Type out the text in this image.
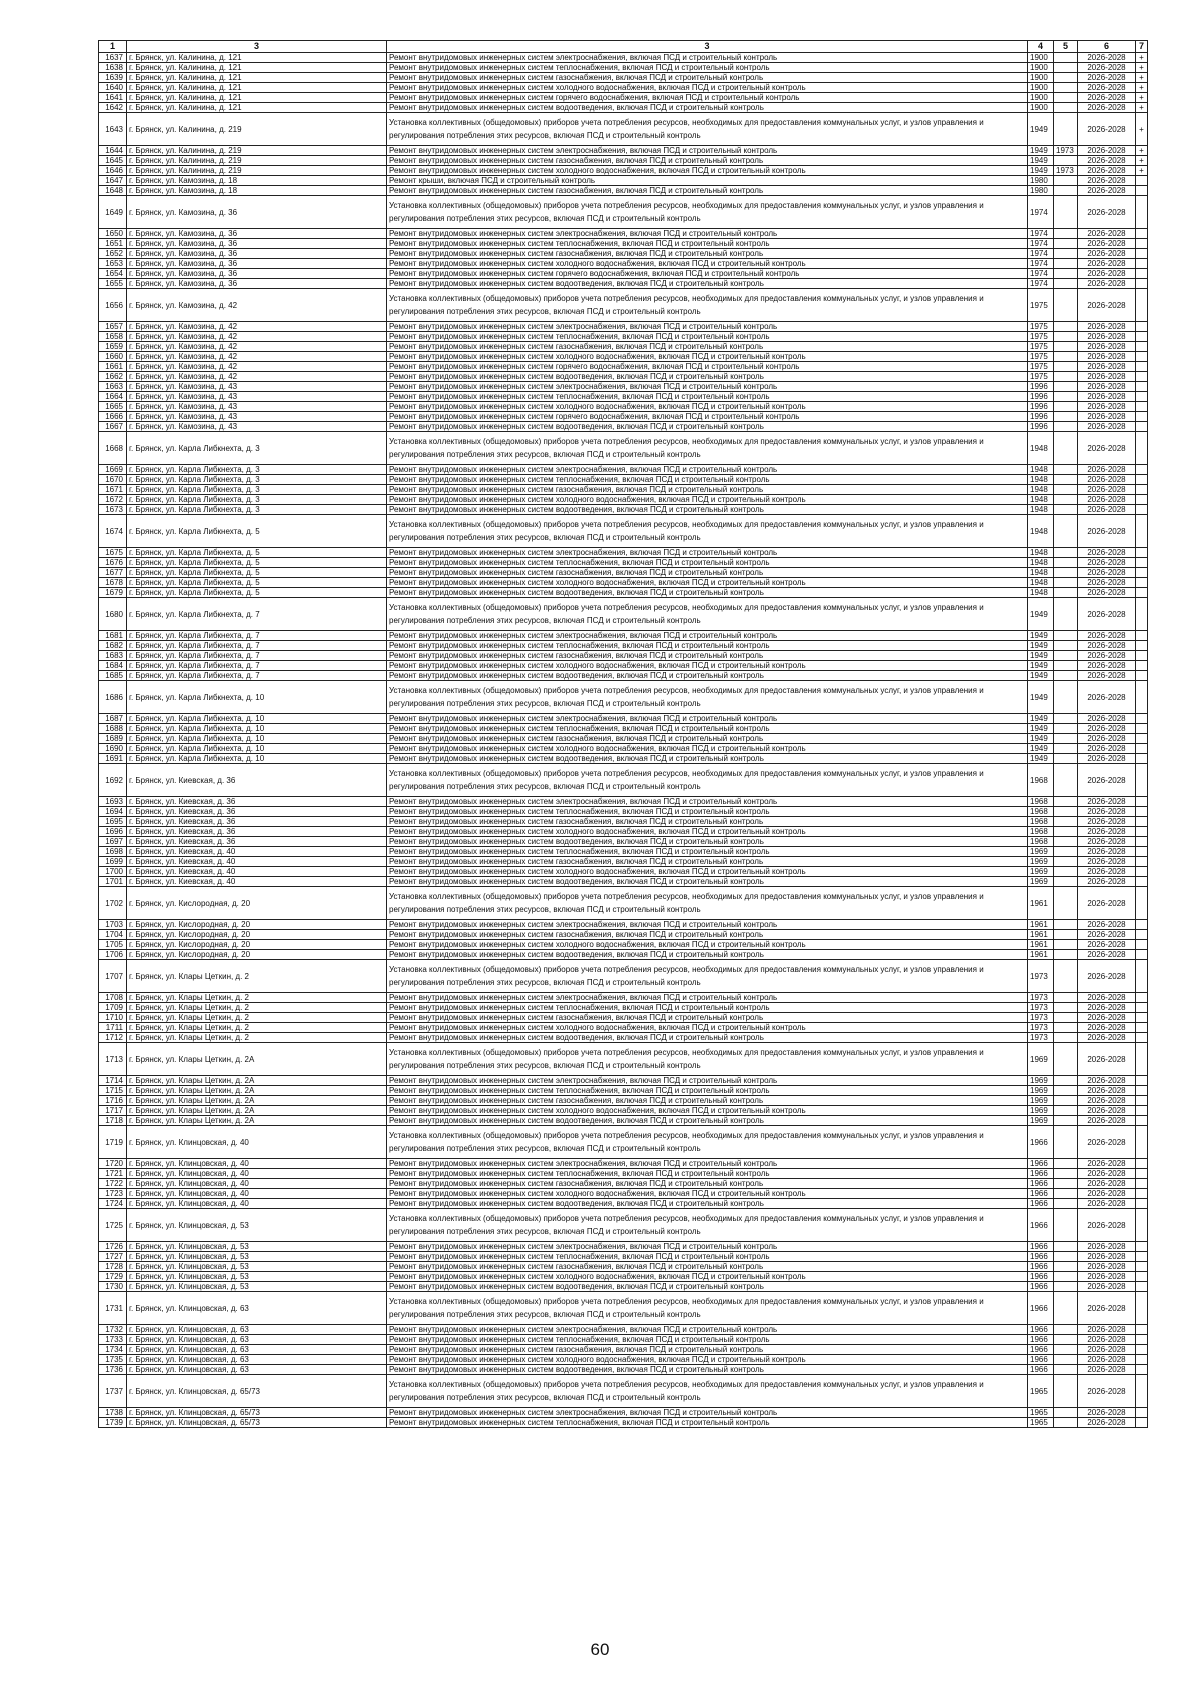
1	3	3	4	5	6	7
1637	г. Брянск, ул. Калинина, д. 121	Ремонт внутридомовых инженерных систем электроснабжения, включая ПСД и строительный контроль	1900		2026-2028	+
1638	г. Брянск, ул. Калинина, д. 121	Ремонт внутридомовых инженерных систем теплоснабжения, включая ПСД и строительный контроль	1900		2026-2028	+
1639	г. Брянск, ул. Калинина, д. 121	Ремонт внутридомовых инженерных систем газоснабжения, включая ПСД и строительный контроль	1900		2026-2028	+
1640	г. Брянск, ул. Калинина, д. 121	Ремонт внутридомовых инженерных систем холодного водоснабжения, включая ПСД и строительный контроль	1900		2026-2028	+
1641	г. Брянск, ул. Калинина, д. 121	Ремонт внутридомовых инженерных систем горячего водоснабжения, включая ПСД и строительный контроль	1900		2026-2028	+
1642	г. Брянск, ул. Калинина, д. 121	Ремонт внутридомовых инженерных систем водоотведения, включая ПСД и строительный контроль	1900		2026-2028	+
1643	г. Брянск, ул. Калинина, д. 219	Установка коллективных (общедомовых) приборов учета потребления ресурсов, необходимых для предоставления коммунальных услуг, и узлов управления и регулирования потребления этих ресурсов, включая ПСД и строительный контроль	1949		2026-2028	+
1644	г. Брянск, ул. Калинина, д. 219	Ремонт внутридомовых инженерных систем электроснабжения, включая ПСД и строительный контроль	1949	1973	2026-2028	+
1645	г. Брянск, ул. Калинина, д. 219	Ремонт внутридомовых инженерных систем газоснабжения, включая ПСД и строительный контроль	1949		2026-2028	+
1646	г. Брянск, ул. Калинина, д. 219	Ремонт внутридомовых инженерных систем холодного водоснабжения, включая ПСД и строительный контроль	1949	1973	2026-2028	+
1647	г. Брянск, ул. Камозина, д. 18	Ремонт крыши, включая ПСД и строительный контроль	1980		2026-2028	
1648	г. Брянск, ул. Камозина, д. 18	Ремонт внутридомовых инженерных систем газоснабжения, включая ПСД и строительный контроль	1980		2026-2028	
1649	г. Брянск, ул. Камозина, д. 36	Установка коллективных (общедомовых) приборов учета потребления ресурсов, необходимых для предоставления коммунальных услуг, и узлов управления и регулирования потребления этих ресурсов, включая ПСД и строительный контроль	1974		2026-2028	
1650	г. Брянск, ул. Камозина, д. 36	Ремонт внутридомовых инженерных систем электроснабжения, включая ПСД и строительный контроль	1974		2026-2028	
1651	г. Брянск, ул. Камозина, д. 36	Ремонт внутридомовых инженерных систем теплоснабжения, включая ПСД и строительный контроль	1974		2026-2028	
1652	г. Брянск, ул. Камозина, д. 36	Ремонт внутридомовых инженерных систем газоснабжения, включая ПСД и строительный контроль	1974		2026-2028	
1653	г. Брянск, ул. Камозина, д. 36	Ремонт внутридомовых инженерных систем холодного водоснабжения, включая ПСД и строительный контроль	1974		2026-2028	
1654	г. Брянск, ул. Камозина, д. 36	Ремонт внутридомовых инженерных систем горячего водоснабжения, включая ПСД и строительный контроль	1974		2026-2028	
1655	г. Брянск, ул. Камозина, д. 36	Ремонт внутридомовых инженерных систем водоотведения, включая ПСД и строительный контроль	1974		2026-2028	
1656	г. Брянск, ул. Камозина, д. 42	Установка коллективных (общедомовых) приборов учета потребления ресурсов, необходимых для предоставления коммунальных услуг, и узлов управления и регулирования потребления этих ресурсов, включая ПСД и строительный контроль	1975		2026-2028	
1657	г. Брянск, ул. Камозина, д. 42	Ремонт внутридомовых инженерных систем электроснабжения, включая ПСД и строительный контроль	1975		2026-2028	
1658	г. Брянск, ул. Камозина, д. 42	Ремонт внутридомовых инженерных систем теплоснабжения, включая ПСД и строительный контроль	1975		2026-2028	
1659	г. Брянск, ул. Камозина, д. 42	Ремонт внутридомовых инженерных систем газоснабжения, включая ПСД и строительный контроль	1975		2026-2028	
1660	г. Брянск, ул. Камозина, д. 42	Ремонт внутридомовых инженерных систем холодного водоснабжения, включая ПСД и строительный контроль	1975		2026-2028	
1661	г. Брянск, ул. Камозина, д. 42	Ремонт внутридомовых инженерных систем горячего водоснабжения, включая ПСД и строительный контроль	1975		2026-2028	
1662	г. Брянск, ул. Камозина, д. 42	Ремонт внутридомовых инженерных систем водоотведения, включая ПСД и строительный контроль	1975		2026-2028	
1663	г. Брянск, ул. Камозина, д. 43	Ремонт внутридомовых инженерных систем электроснабжения, включая ПСД и строительный контроль	1996		2026-2028	
1664	г. Брянск, ул. Камозина, д. 43	Ремонт внутридомовых инженерных систем теплоснабжения, включая ПСД и строительный контроль	1996		2026-2028	
1665	г. Брянск, ул. Камозина, д. 43	Ремонт внутридомовых инженерных систем холодного водоснабжения, включая ПСД и строительный контроль	1996		2026-2028	
1666	г. Брянск, ул. Камозина, д. 43	Ремонт внутридомовых инженерных систем горячего водоснабжения, включая ПСД и строительный контроль	1996		2026-2028	
1667	г. Брянск, ул. Камозина, д. 43	Ремонт внутридомовых инженерных систем водоотведения, включая ПСД и строительный контроль	1996		2026-2028	
1668	г. Брянск, ул. Карла Либкнехта, д. 3	Установка коллективных (общедомовых) приборов учета потребления ресурсов, необходимых для предоставления коммунальных услуг, и узлов управления и регулирования потребления этих ресурсов, включая ПСД и строительный контроль	1948		2026-2028	
1669	г. Брянск, ул. Карла Либкнехта, д. 3	Ремонт внутридомовых инженерных систем электроснабжения, включая ПСД и строительный контроль	1948		2026-2028	
1670	г. Брянск, ул. Карла Либкнехта, д. 3	Ремонт внутридомовых инженерных систем теплоснабжения, включая ПСД и строительный контроль	1948		2026-2028	
1671	г. Брянск, ул. Карла Либкнехта, д. 3	Ремонт внутридомовых инженерных систем газоснабжения, включая ПСД и строительный контроль	1948		2026-2028	
1672	г. Брянск, ул. Карла Либкнехта, д. 3	Ремонт внутридомовых инженерных систем холодного водоснабжения, включая ПСД и строительный контроль	1948		2026-2028	
1673	г. Брянск, ул. Карла Либкнехта, д. 3	Ремонт внутридомовых инженерных систем водоотведения, включая ПСД и строительный контроль	1948		2026-2028	
1674	г. Брянск, ул. Карла Либкнехта, д. 5	Установка коллективных (общедомовых) приборов учета потребления ресурсов, необходимых для предоставления коммунальных услуг, и узлов управления и регулирования потребления этих ресурсов, включая ПСД и строительный контроль	1948		2026-2028	
1675	г. Брянск, ул. Карла Либкнехта, д. 5	Ремонт внутридомовых инженерных систем электроснабжения, включая ПСД и строительный контроль	1948		2026-2028	
1676	г. Брянск, ул. Карла Либкнехта, д. 5	Ремонт внутридомовых инженерных систем теплоснабжения, включая ПСД и строительный контроль	1948		2026-2028	
1677	г. Брянск, ул. Карла Либкнехта, д. 5	Ремонт внутридомовых инженерных систем газоснабжения, включая ПСД и строительный контроль	1948		2026-2028	
1678	г. Брянск, ул. Карла Либкнехта, д. 5	Ремонт внутридомовых инженерных систем холодного водоснабжения, включая ПСД и строительный контроль	1948		2026-2028	
1679	г. Брянск, ул. Карла Либкнехта, д. 5	Ремонт внутридомовых инженерных систем водоотведения, включая ПСД и строительный контроль	1948		2026-2028	
1680	г. Брянск, ул. Карла Либкнехта, д. 7	Установка коллективных (общедомовых) приборов учета потребления ресурсов, необходимых для предоставления коммунальных услуг, и узлов управления и регулирования потребления этих ресурсов, включая ПСД и строительный контроль	1949		2026-2028	
1681	г. Брянск, ул. Карла Либкнехта, д. 7	Ремонт внутридомовых инженерных систем электроснабжения, включая ПСД и строительный контроль	1949		2026-2028	
1682	г. Брянск, ул. Карла Либкнехта, д. 7	Ремонт внутридомовых инженерных систем теплоснабжения, включая ПСД и строительный контроль	1949		2026-2028	
1683	г. Брянск, ул. Карла Либкнехта, д. 7	Ремонт внутридомовых инженерных систем газоснабжения, включая ПСД и строительный контроль	1949		2026-2028	
1684	г. Брянск, ул. Карла Либкнехта, д. 7	Ремонт внутридомовых инженерных систем холодного водоснабжения, включая ПСД и строительный контроль	1949		2026-2028	
1685	г. Брянск, ул. Карла Либкнехта, д. 7	Ремонт внутридомовых инженерных систем водоотведения, включая ПСД и строительный контроль	1949		2026-2028	
1686	г. Брянск, ул. Карла Либкнехта, д. 10	Установка коллективных (общедомовых) приборов учета потребления ресурсов, необходимых для предоставления коммунальных услуг, и узлов управления и регулирования потребления этих ресурсов, включая ПСД и строительный контроль	1949		2026-2028	
1687	г. Брянск, ул. Карла Либкнехта, д. 10	Ремонт внутридомовых инженерных систем электроснабжения, включая ПСД и строительный контроль	1949		2026-2028	
1688	г. Брянск, ул. Карла Либкнехта, д. 10	Ремонт внутридомовых инженерных систем теплоснабжения, включая ПСД и строительный контроль	1949		2026-2028	
1689	г. Брянск, ул. Карла Либкнехта, д. 10	Ремонт внутридомовых инженерных систем газоснабжения, включая ПСД и строительный контроль	1949		2026-2028	
1690	г. Брянск, ул. Карла Либкнехта, д. 10	Ремонт внутридомовых инженерных систем холодного водоснабжения, включая ПСД и строительный контроль	1949		2026-2028	
1691	г. Брянск, ул. Карла Либкнехта, д. 10	Ремонт внутридомовых инженерных систем водоотведения, включая ПСД и строительный контроль	1949		2026-2028	
1692	г. Брянск, ул. Киевская, д. 36	Установка коллективных (общедомовых) приборов учета потребления ресурсов, необходимых для предоставления коммунальных услуг, и узлов управления и регулирования потребления этих ресурсов, включая ПСД и строительный контроль	1968		2026-2028	
1693	г. Брянск, ул. Киевская, д. 36	Ремонт внутридомовых инженерных систем электроснабжения, включая ПСД и строительный контроль	1968		2026-2028	
1694	г. Брянск, ул. Киевская, д. 36	Ремонт внутридомовых инженерных систем теплоснабжения, включая ПСД и строительный контроль	1968		2026-2028	
1695	г. Брянск, ул. Киевская, д. 36	Ремонт внутридомовых инженерных систем газоснабжения, включая ПСД и строительный контроль	1968		2026-2028	
1696	г. Брянск, ул. Киевская, д. 36	Ремонт внутридомовых инженерных систем холодного водоснабжения, включая ПСД и строительный контроль	1968		2026-2028	
1697	г. Брянск, ул. Киевская, д. 36	Ремонт внутридомовых инженерных систем водоотведения, включая ПСД и строительный контроль	1968		2026-2028	
1698	г. Брянск, ул. Киевская, д. 40	Ремонт внутридомовых инженерных систем теплоснабжения, включая ПСД и строительный контроль	1969		2026-2028	
1699	г. Брянск, ул. Киевская, д. 40	Ремонт внутридомовых инженерных систем газоснабжения, включая ПСД и строительный контроль	1969		2026-2028	
1700	г. Брянск, ул. Киевская, д. 40	Ремонт внутридомовых инженерных систем холодного водоснабжения, включая ПСД и строительный контроль	1969		2026-2028	
1701	г. Брянск, ул. Киевская, д. 40	Ремонт внутридомовых инженерных систем водоотведения, включая ПСД и строительный контроль	1969		2026-2028	
1702	г. Брянск, ул. Кислородная, д. 20	Установка коллективных (общедомовых) приборов учета потребления ресурсов, необходимых для предоставления коммунальных услуг, и узлов управления и регулирования потребления этих ресурсов, включая ПСД и строительный контроль	1961		2026-2028	
1703	г. Брянск, ул. Кислородная, д. 20	Ремонт внутридомовых инженерных систем электроснабжения, включая ПСД и строительный контроль	1961		2026-2028	
1704	г. Брянск, ул. Кислородная, д. 20	Ремонт внутридомовых инженерных систем газоснабжения, включая ПСД и строительный контроль	1961		2026-2028	
1705	г. Брянск, ул. Кислородная, д. 20	Ремонт внутридомовых инженерных систем холодного водоснабжения, включая ПСД и строительный контроль	1961		2026-2028	
1706	г. Брянск, ул. Кислородная, д. 20	Ремонт внутридомовых инженерных систем водоотведения, включая ПСД и строительный контроль	1961		2026-2028	
1707	г. Брянск, ул. Клары Цеткин, д. 2	Установка коллективных (общедомовых) приборов учета потребления ресурсов, необходимых для предоставления коммунальных услуг, и узлов управления и регулирования потребления этих ресурсов, включая ПСД и строительный контроль	1973		2026-2028	
1708	г. Брянск, ул. Клары Цеткин, д. 2	Ремонт внутридомовых инженерных систем электроснабжения, включая ПСД и строительный контроль	1973		2026-2028	
1709	г. Брянск, ул. Клары Цеткин, д. 2	Ремонт внутридомовых инженерных систем теплоснабжения, включая ПСД и строительный контроль	1973		2026-2028	
1710	г. Брянск, ул. Клары Цеткин, д. 2	Ремонт внутридомовых инженерных систем газоснабжения, включая ПСД и строительный контроль	1973		2026-2028	
1711	г. Брянск, ул. Клары Цеткин, д. 2	Ремонт внутридомовых инженерных систем холодного водоснабжения, включая ПСД и строительный контроль	1973		2026-2028	
1712	г. Брянск, ул. Клары Цеткин, д. 2	Ремонт внутридомовых инженерных систем водоотведения, включая ПСД и строительный контроль	1973		2026-2028	
1713	г. Брянск, ул. Клары Цеткин, д. 2А	Установка коллективных (общедомовых) приборов учета потребления ресурсов, необходимых для предоставления коммунальных услуг, и узлов управления и регулирования потребления этих ресурсов, включая ПСД и строительный контроль	1969		2026-2028	
1714	г. Брянск, ул. Клары Цеткин, д. 2А	Ремонт внутридомовых инженерных систем электроснабжения, включая ПСД и строительный контроль	1969		2026-2028	
1715	г. Брянск, ул. Клары Цеткин, д. 2А	Ремонт внутридомовых инженерных систем теплоснабжения, включая ПСД и строительный контроль	1969		2026-2028	
1716	г. Брянск, ул. Клары Цеткин, д. 2А	Ремонт внутридомовых инженерных систем газоснабжения, включая ПСД и строительный контроль	1969		2026-2028	
1717	г. Брянск, ул. Клары Цеткин, д. 2А	Ремонт внутридомовых инженерных систем холодного водоснабжения, включая ПСД и строительный контроль	1969		2026-2028	
1718	г. Брянск, ул. Клары Цеткин, д. 2А	Ремонт внутридомовых инженерных систем водоотведения, включая ПСД и строительный контроль	1969		2026-2028	
1719	г. Брянск, ул. Клинцовская, д. 40	Установка коллективных (общедомовых) приборов учета потребления ресурсов, необходимых для предоставления коммунальных услуг, и узлов управления и регулирования потребления этих ресурсов, включая ПСД и строительный контроль	1966		2026-2028	
1720	г. Брянск, ул. Клинцовская, д. 40	Ремонт внутридомовых инженерных систем электроснабжения, включая ПСД и строительный контроль	1966		2026-2028	
1721	г. Брянск, ул. Клинцовская, д. 40	Ремонт внутридомовых инженерных систем теплоснабжения, включая ПСД и строительный контроль	1966		2026-2028	
1722	г. Брянск, ул. Клинцовская, д. 40	Ремонт внутридомовых инженерных систем газоснабжения, включая ПСД и строительный контроль	1966		2026-2028	
1723	г. Брянск, ул. Клинцовская, д. 40	Ремонт внутридомовых инженерных систем холодного водоснабжения, включая ПСД и строительный контроль	1966		2026-2028	
1724	г. Брянск, ул. Клинцовская, д. 40	Ремонт внутридомовых инженерных систем водоотведения, включая ПСД и строительный контроль	1966		2026-2028	
1725	г. Брянск, ул. Клинцовская, д. 53	Установка коллективных (общедомовых) приборов учета потребления ресурсов, необходимых для предоставления коммунальных услуг, и узлов управления и регулирования потребления этих ресурсов, включая ПСД и строительный контроль	1966		2026-2028	
1726	г. Брянск, ул. Клинцовская, д. 53	Ремонт внутридомовых инженерных систем электроснабжения, включая ПСД и строительный контроль	1966		2026-2028	
1727	г. Брянск, ул. Клинцовская, д. 53	Ремонт внутридомовых инженерных систем теплоснабжения, включая ПСД и строительный контроль	1966		2026-2028	
1728	г. Брянск, ул. Клинцовская, д. 53	Ремонт внутридомовых инженерных систем газоснабжения, включая ПСД и строительный контроль	1966		2026-2028	
1729	г. Брянск, ул. Клинцовская, д. 53	Ремонт внутридомовых инженерных систем холодного водоснабжения, включая ПСД и строительный контроль	1966		2026-2028	
1730	г. Брянск, ул. Клинцовская, д. 53	Ремонт внутридомовых инженерных систем водоотведения, включая ПСД и строительный контроль	1966		2026-2028	
1731	г. Брянск, ул. Клинцовская, д. 63	Установка коллективных (общедомовых) приборов учета потребления ресурсов, необходимых для предоставления коммунальных услуг, и узлов управления и регулирования потребления этих ресурсов, включая ПСД и строительный контроль	1966		2026-2028	
1732	г. Брянск, ул. Клинцовская, д. 63	Ремонт внутридомовых инженерных систем электроснабжения, включая ПСД и строительный контроль	1966		2026-2028	
1733	г. Брянск, ул. Клинцовская, д. 63	Ремонт внутридомовых инженерных систем теплоснабжения, включая ПСД и строительный контроль	1966		2026-2028	
1734	г. Брянск, ул. Клинцовская, д. 63	Ремонт внутридомовых инженерных систем газоснабжения, включая ПСД и строительный контроль	1966		2026-2028	
1735	г. Брянск, ул. Клинцовская, д. 63	Ремонт внутридомовых инженерных систем холодного водоснабжения, включая ПСД и строительный контроль	1966		2026-2028	
1736	г. Брянск, ул. Клинцовская, д. 63	Ремонт внутридомовых инженерных систем водоотведения, включая ПСД и строительный контроль	1966		2026-2028	
1737	г. Брянск, ул. Клинцовская, д. 65/73	Установка коллективных (общедомовых) приборов учета потребления ресурсов, необходимых для предоставления коммунальных услуг, и узлов управления и регулирования потребления этих ресурсов, включая ПСД и строительный контроль	1965		2026-2028	
1738	г. Брянск, ул. Клинцовская, д. 65/73	Ремонт внутридомовых инженерных систем электроснабжения, включая ПСД и строительный контроль	1965		2026-2028	
1739	г. Брянск, ул. Клинцовская, д. 65/73	Ремонт внутридомовых инженерных систем теплоснабжения, включая ПСД и строительный контроль	1965		2026-2028	
60
